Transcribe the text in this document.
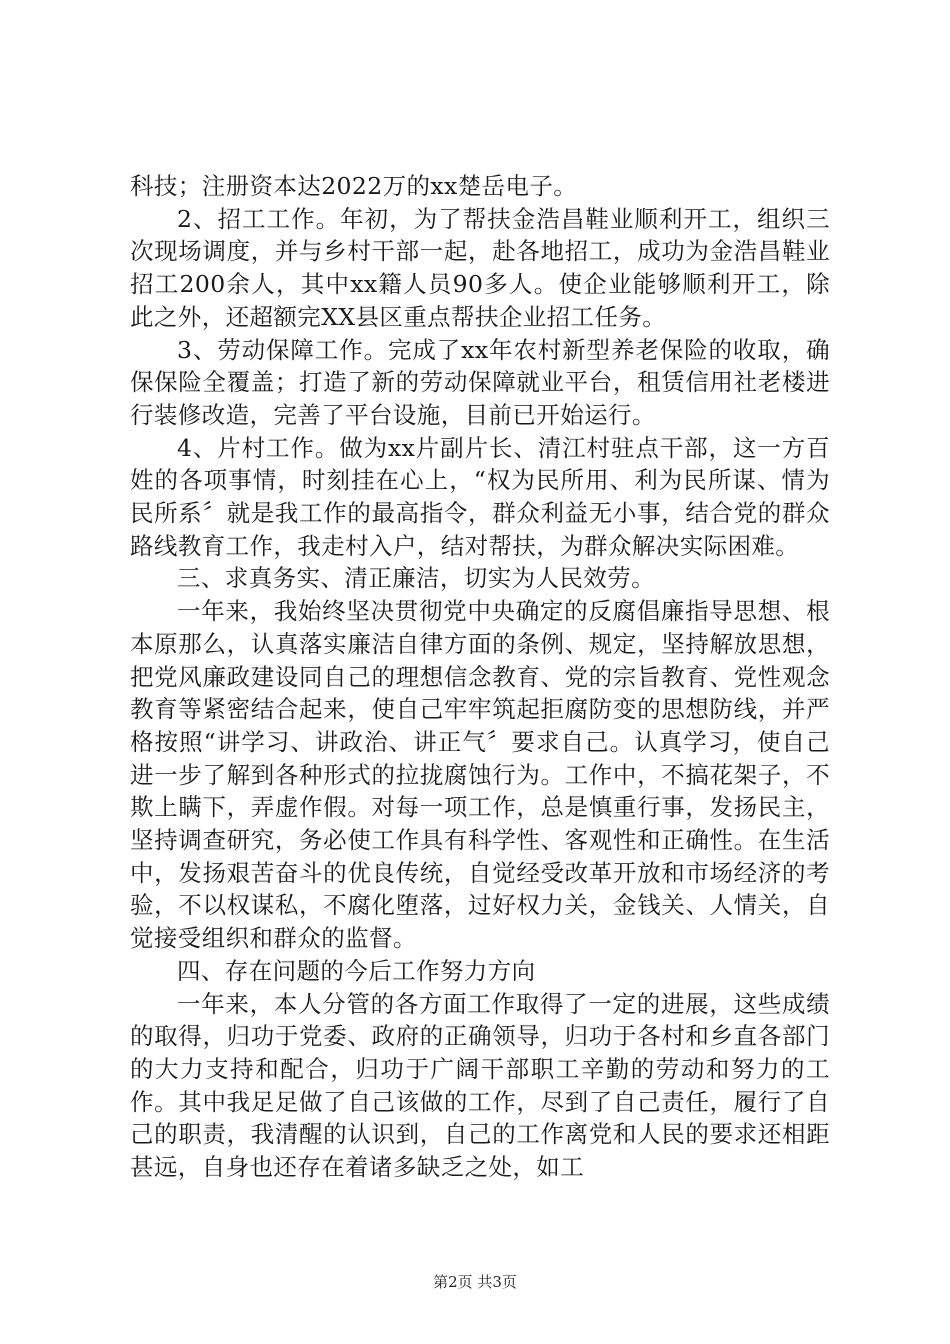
科技；注册资本达2022万的xx楚岳电子。

2、招工工作。年初，为了帮扶金浩昌鞋业顺利开工，组织三次现场调度，并与乡村干部一起，赴各地招工，成功为金浩昌鞋业招工200余人，其中xx籍人员90多人。使企业能够顺利开工，除此之外，还超额完XX县区重点帮扶企业招工任务。

3、劳动保障工作。完成了xx年农村新型养老保险的收取，确保保险全覆盖；打造了新的劳动保障就业平台，租赁信用社老楼进行装修改造，完善了平台设施，目前已开始运行。

4、片村工作。做为xx片副片长、清江村驻点干部，这一方百姓的各项事情，时刻挂在心上，“权为民所用、利为民所谋、情为民所系〞就是我工作的最高指令，群众利益无小事，结合党的群众路线教育工作，我走村入户，结对帮扶，为群众解决实际困难。

三、求真务实、清正廉洁，切实为人民效劳。

一年来，我始终坚决贯彻党中央确定的反腐倡廉指导思想、根本原那么，认真落实廉洁自律方面的条例、规定，坚持解放思想，把党风廉政建设同自己的理想信念教育、党的宗旨教育、党性观念教育等紧密结合起来，使自己牢牢筑起拒腐防变的思想防线，并严格按照“讲学习、讲政治、讲正气〞要求自己。认真学习，使自己进一步了解到各种形式的拉拢腐蚀行为。工作中，不搞花架子，不欺上瞒下，弄虚作假。对每一项工作，总是慎重行事，发扬民主，坚持调查研究，务必使工作具有科学性、客观性和正确性。在生活中，发扬艰苦奋斗的优良传统，自觉经受改革开放和市场经济的考验，不以权谋私，不腐化堕落，过好权力关，金钱关、人情关，自觉接受组织和群众的监督。

四、存在问题的今后工作努力方向

一年来，本人分管的各方面工作取得了一定的进展，这些成绩的取得，归功于党委、政府的正确领导，归功于各村和乡直各部门的大力支持和配合，归功于广阔干部职工辛勤的劳动和努力的工作。其中我足足做了自己该做的工作，尽到了自己责任，履行了自己的职责，我清醒的认识到，自己的工作离党和人民的要求还相距甚远，自身也还存在着诸多缺乏之处，如工

第2页 共3页
